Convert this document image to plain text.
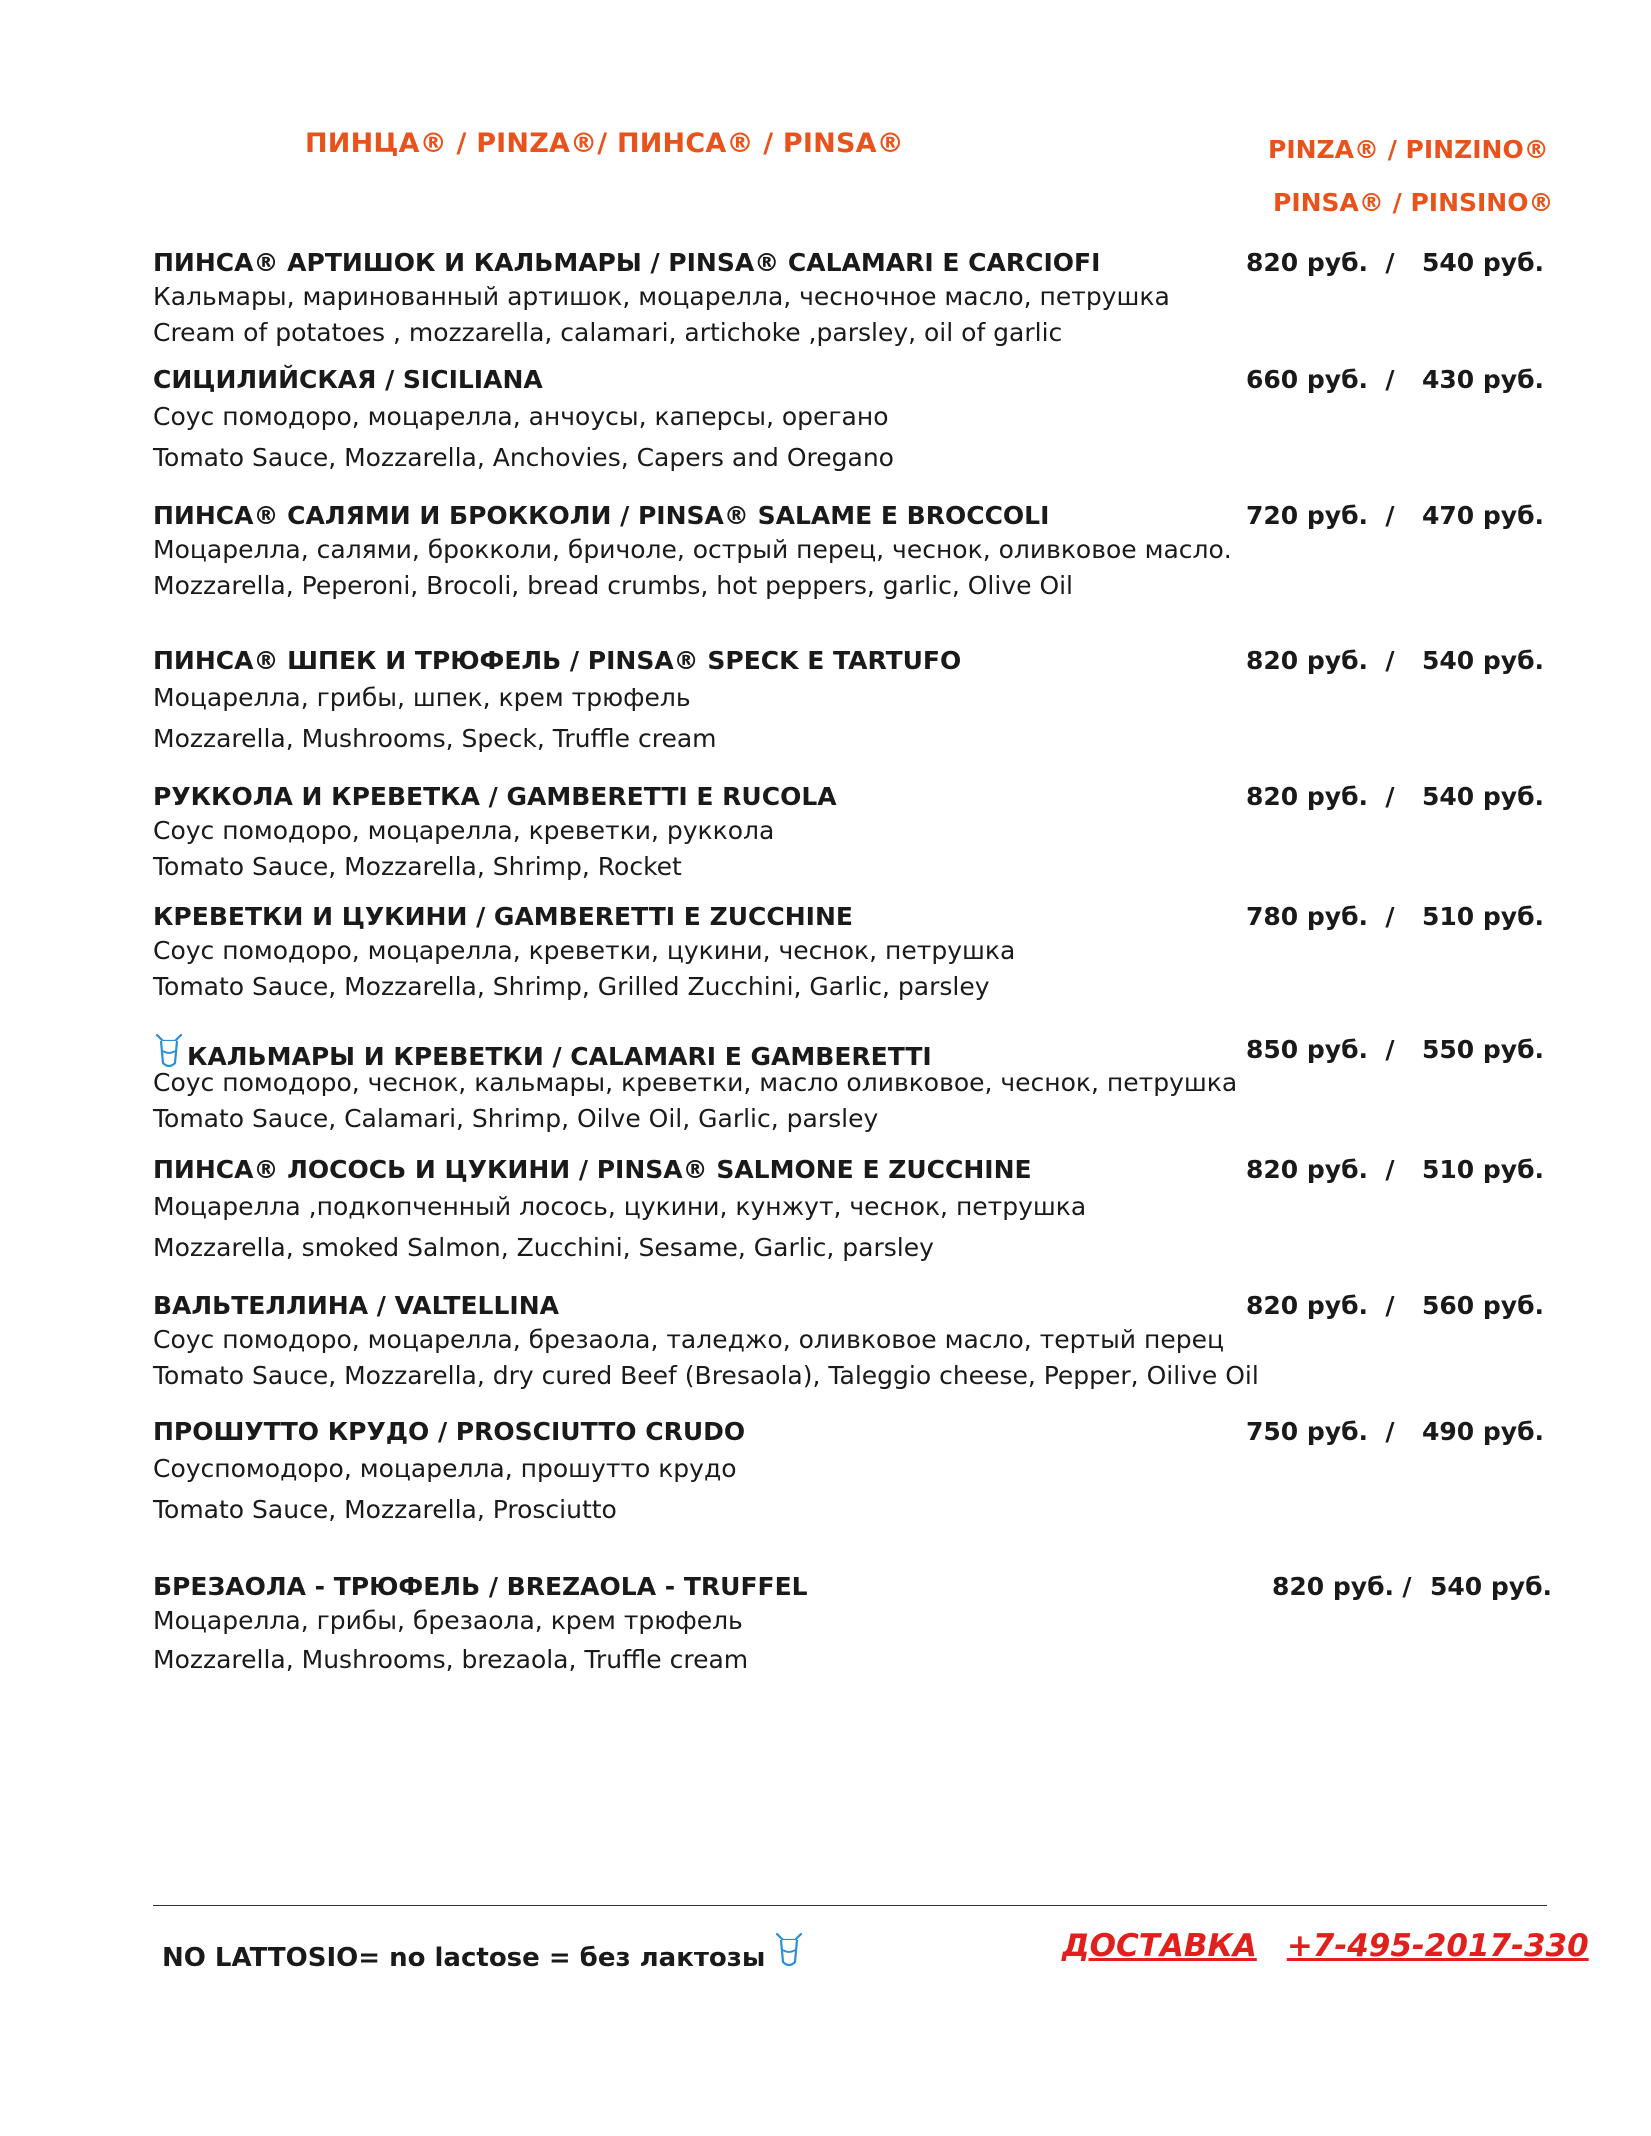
ПИНЦА® / PINZA®/ ПИНСА® / PINSA®	PINZA® / PINZINO®
PINSA® / PINSINO®
ПИНСА® АРТИШОК И КАЛЬМАРЫ / PINSA® CALAMARI E CARCIOFI
Кальмары, маринованный артишок, моцарелла, чесночное масло, петрушка
Cream of potatoes , mozzarella, calamari, artichoke ,parsley, oil of garlic
820 руб. / 540 руб.
СИЦИЛИЙСКАЯ / SICILIANA
Соус помодоро, моцарелла, анчоусы, каперсы, орегано
Tomato Sauce, Mozzarella, Anchovies, Capers and Oregano
660 руб. / 430 руб.
ПИНСА® САЛЯМИ И БРОККОЛИ / PINSA® SALAME E BROCCOLI
Моцарелла, салями, брокколи, бричоле, острый перец, чеснок, оливковое масло.
Mozzarella, Peperoni, Brocoli, bread crumbs, hot peppers, garlic, Olive Oil
720 руб. / 470 руб.
ПИНСА® ШПЕК И ТРЮФЕЛЬ / PINSA® SPECK E TARTUFO
Моцарелла, грибы, шпек, крем трюфель
Mozzarella, Mushrooms, Speck, Truffle cream
820 руб. / 540 руб.
РУККОЛА И КРЕВЕТКА / GAMBERETTI E RUCOLA
Соус помодоро, моцарелла, креветки, руккола
Tomato Sauce, Mozzarella, Shrimp, Rocket
820 руб. / 540 руб.
КРЕВЕТКИ И ЦУКИНИ / GAMBERETTI E ZUCCHINE
Соус помодоро, моцарелла, креветки, цукини, чеснок, петрушка
Tomato Sauce, Mozzarella, Shrimp, Grilled Zucchini, Garlic, parsley
780 руб. / 510 руб.
КАЛЬМАРЫ И КРЕВЕТКИ / CALAMARI E GAMBERETTI
Соус помодоро, чеснок, кальмары, креветки, масло оливковое, чеснок, петрушка
Tomato Sauce, Calamari, Shrimp, Oilve Oil, Garlic, parsley
850 руб. / 550 руб.
ПИНСА® ЛОСОСЬ И ЦУКИНИ / PINSA® SALMONE E ZUCCHINE
Моцарелла ,подкопченный лосось, цукини, кунжут, чеснок, петрушка
Mozzarella, smoked Salmon, Zucchini, Sesame, Garlic, parsley
820 руб. / 510 руб.
ВАЛЬТЕЛЛИНА / VALTELLINA
Соус помодоро, моцарелла, брезаола, таледжо, оливковое масло, тертый перец
Tomato Sauce, Mozzarella, dry cured Beef (Bresaola), Taleggio cheese, Pepper, Oilive Oil
820 руб. / 560 руб.
ПРОШУТТО КРУДО / PROSCIUTTO CRUDO
Соуспомодоро, моцарелла, прошутто крудо
Tomato Sauce, Mozzarella, Prosciutto
750 руб. / 490 руб.
БРЕЗАОЛА - ТРЮФЕЛЬ / BREZAOLA - TRUFFEL
Моцарелла, грибы, брезаола, крем трюфель
Mozzarella, Mushrooms, brezaola, Truffle cream
820 руб. / 540 руб.
NO LATTOSIO= no lactose = без лактозы	ДОСТАВКА +7-495-2017-330
